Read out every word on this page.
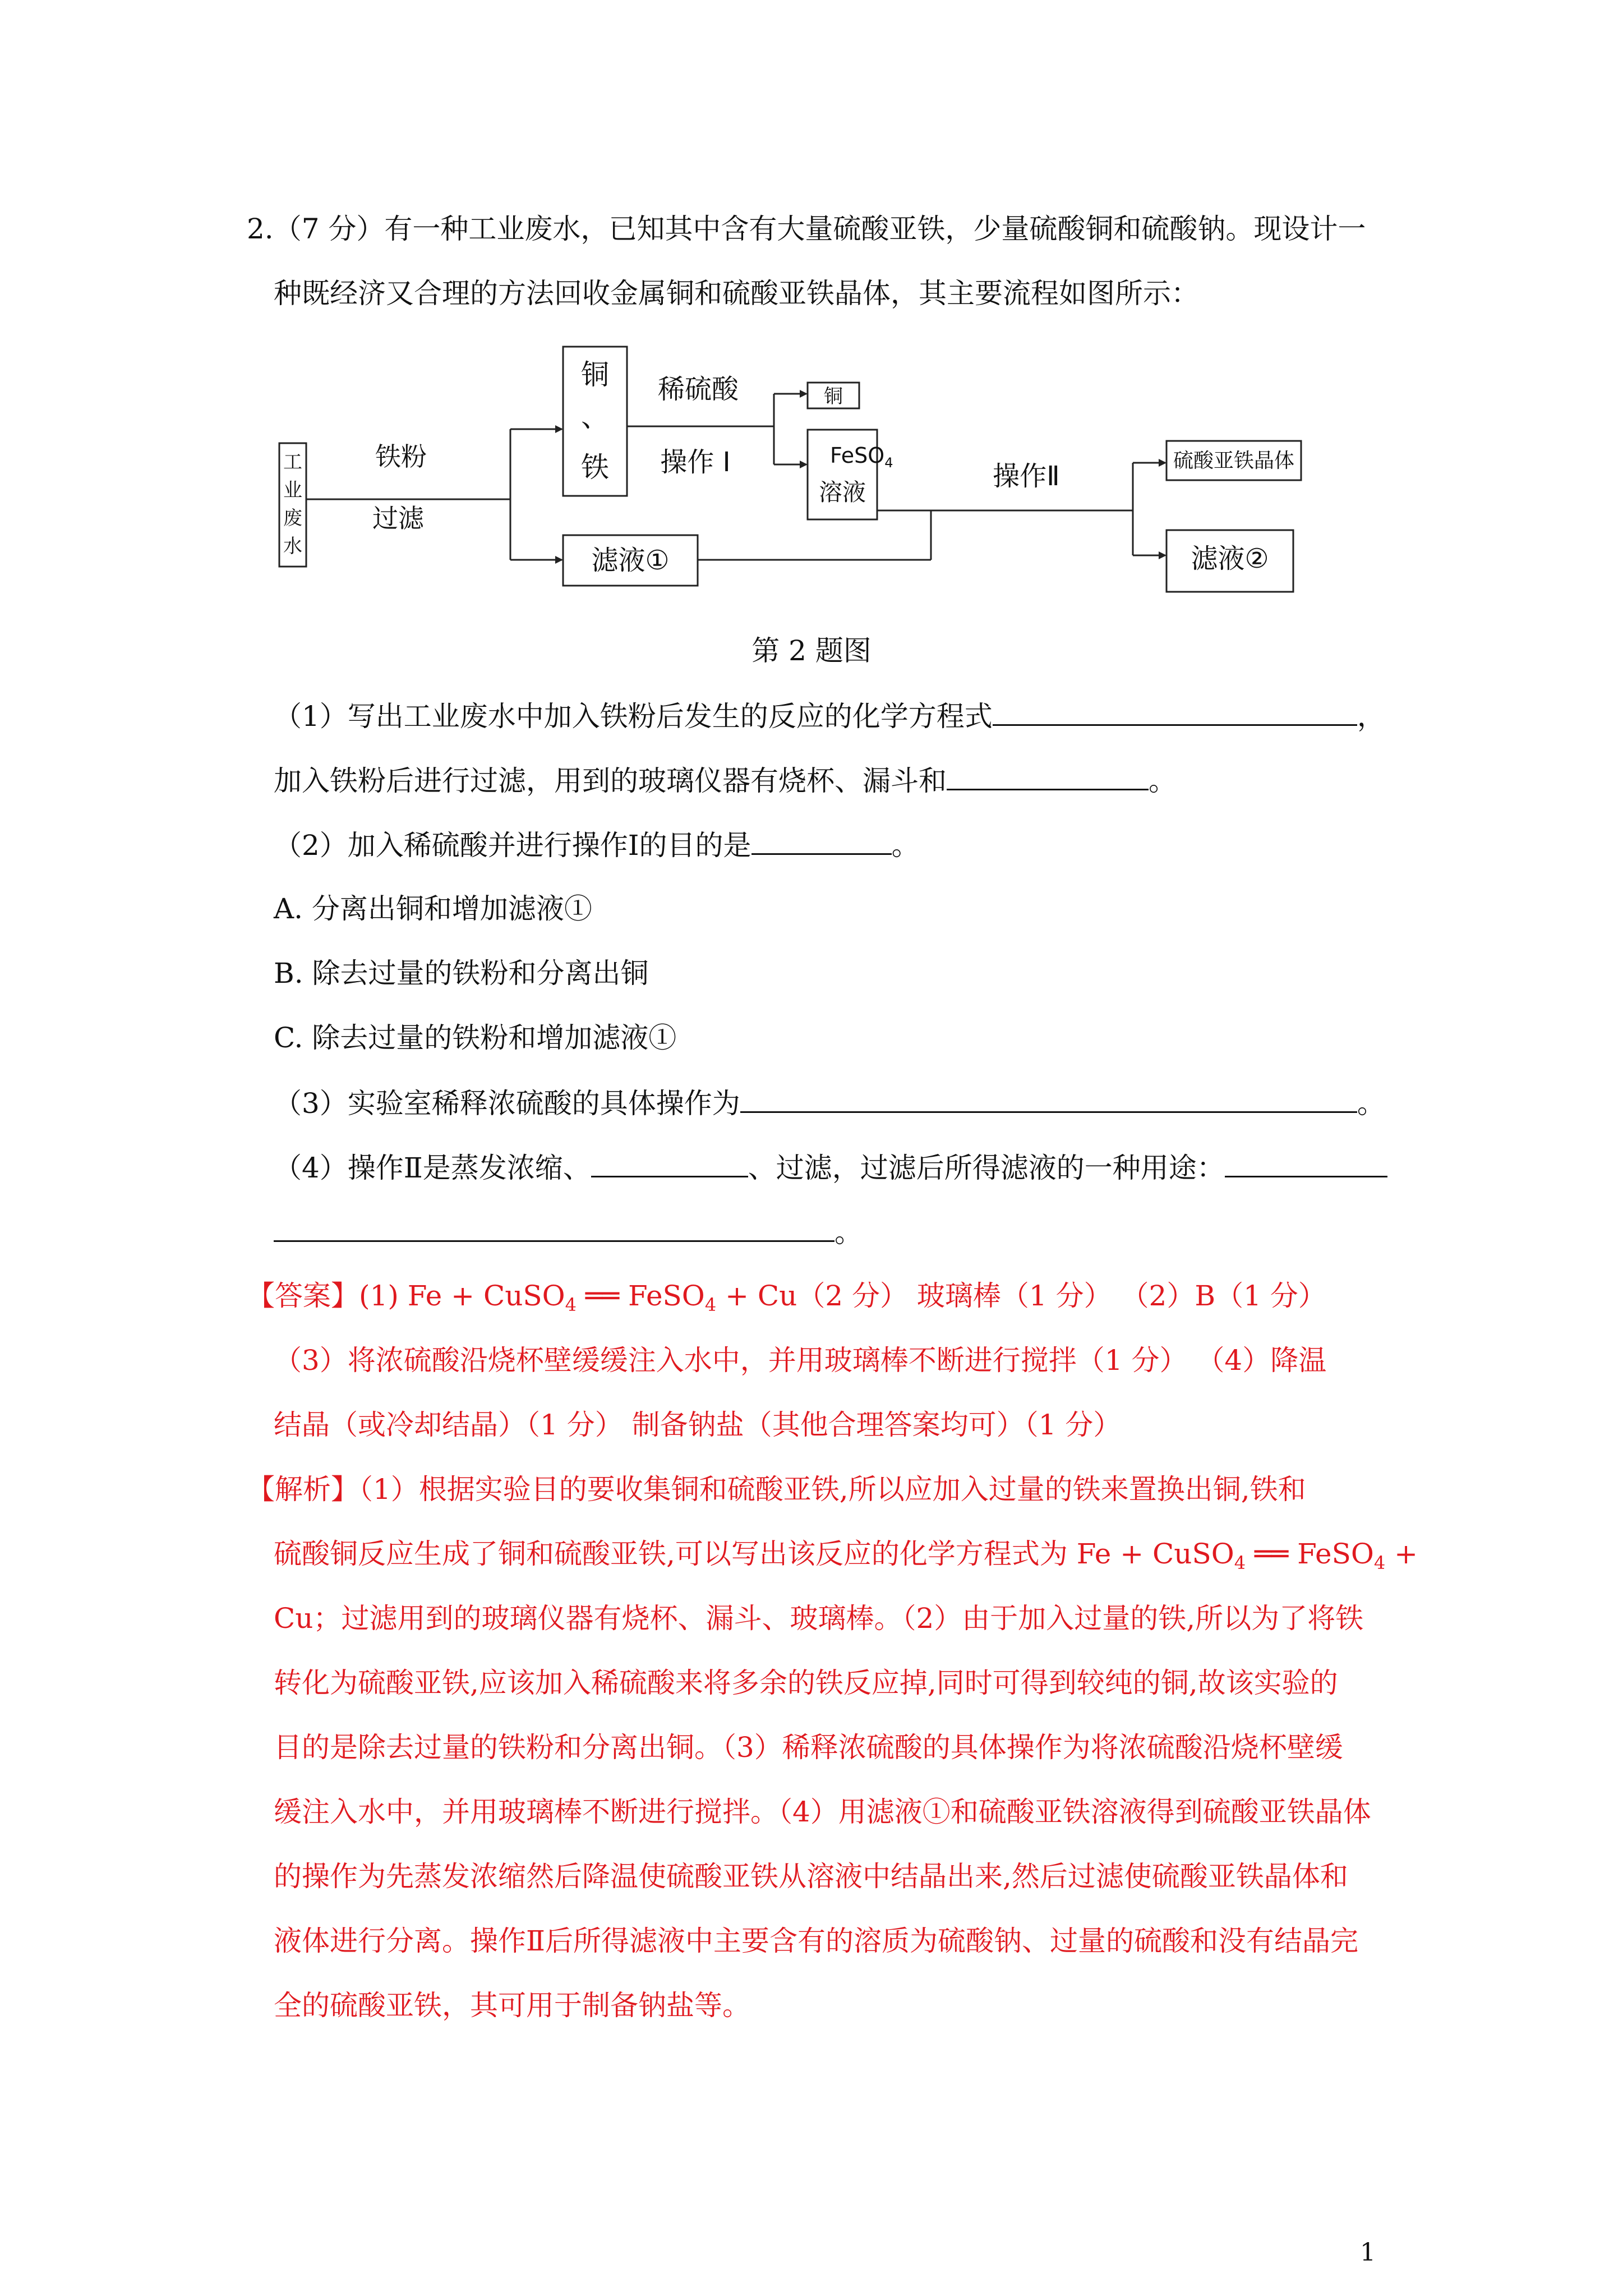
2.（7 分）有一种工业废水，已知其中含有大量硫酸亚铁，少量硫酸铜和硫酸钠。现设计一
种既经济又合理的方法回收金属铜和硫酸亚铁晶体，其主要流程如图所示：
工
业
废
水
铁粉
过滤
铜
、
铁
稀硫酸
操作 I
铜
FeSO$_4$
溶液
操作Ⅱ	硫酸亚铁晶体
滤液①	滤液②
第 2 题图
（1）写出工业废水中加入铁粉后发生的反应的化学方程式	，
加入铁粉后进行过滤，用到的玻璃仪器有烧杯、漏斗和	。
（2）加入稀硫酸并进行操作Ⅰ的目的是	。
A. 分离出铜和增加滤液①
B. 除去过量的铁粉和分离出铜
C. 除去过量的铁粉和增加滤液①
（3）实验室稀释浓硫酸的具体操作为	。
（4）操作Ⅱ是蒸发浓缩、	、过滤，过滤后所得滤液的一种用途：
。
【答案】(1) Fe + CuSO$_4$ ══ FeSO$_4$ + Cu（2 分） 玻璃棒（1 分） （2）B（1 分）
（3）将浓硫酸沿烧杯壁缓缓注入水中，并用玻璃棒不断进行搅拌（1 分） （4）降温
结晶（或冷却结晶）（1 分） 制备钠盐（其他合理答案均可）（1 分）
【解析】（1）根据实验目的要收集铜和硫酸亚铁,所以应加入过量的铁来置换出铜,铁和
硫酸铜反应生成了铜和硫酸亚铁,可以写出该反应的化学方程式为 Fe + CuSO$_4$ ══ FeSO$_4$ +
Cu；过滤用到的玻璃仪器有烧杯、漏斗、玻璃棒。（2）由于加入过量的铁,所以为了将铁
转化为硫酸亚铁,应该加入稀硫酸来将多余的铁反应掉,同时可得到较纯的铜,故该实验的
目的是除去过量的铁粉和分离出铜。（3）稀释浓硫酸的具体操作为将浓硫酸沿烧杯壁缓
缓注入水中，并用玻璃棒不断进行搅拌。（4）用滤液①和硫酸亚铁溶液得到硫酸亚铁晶体
的操作为先蒸发浓缩然后降温使硫酸亚铁从溶液中结晶出来,然后过滤使硫酸亚铁晶体和
液体进行分离。操作Ⅱ后所得滤液中主要含有的溶质为硫酸钠、过量的硫酸和没有结晶完
全的硫酸亚铁，其可用于制备钠盐等。
1
